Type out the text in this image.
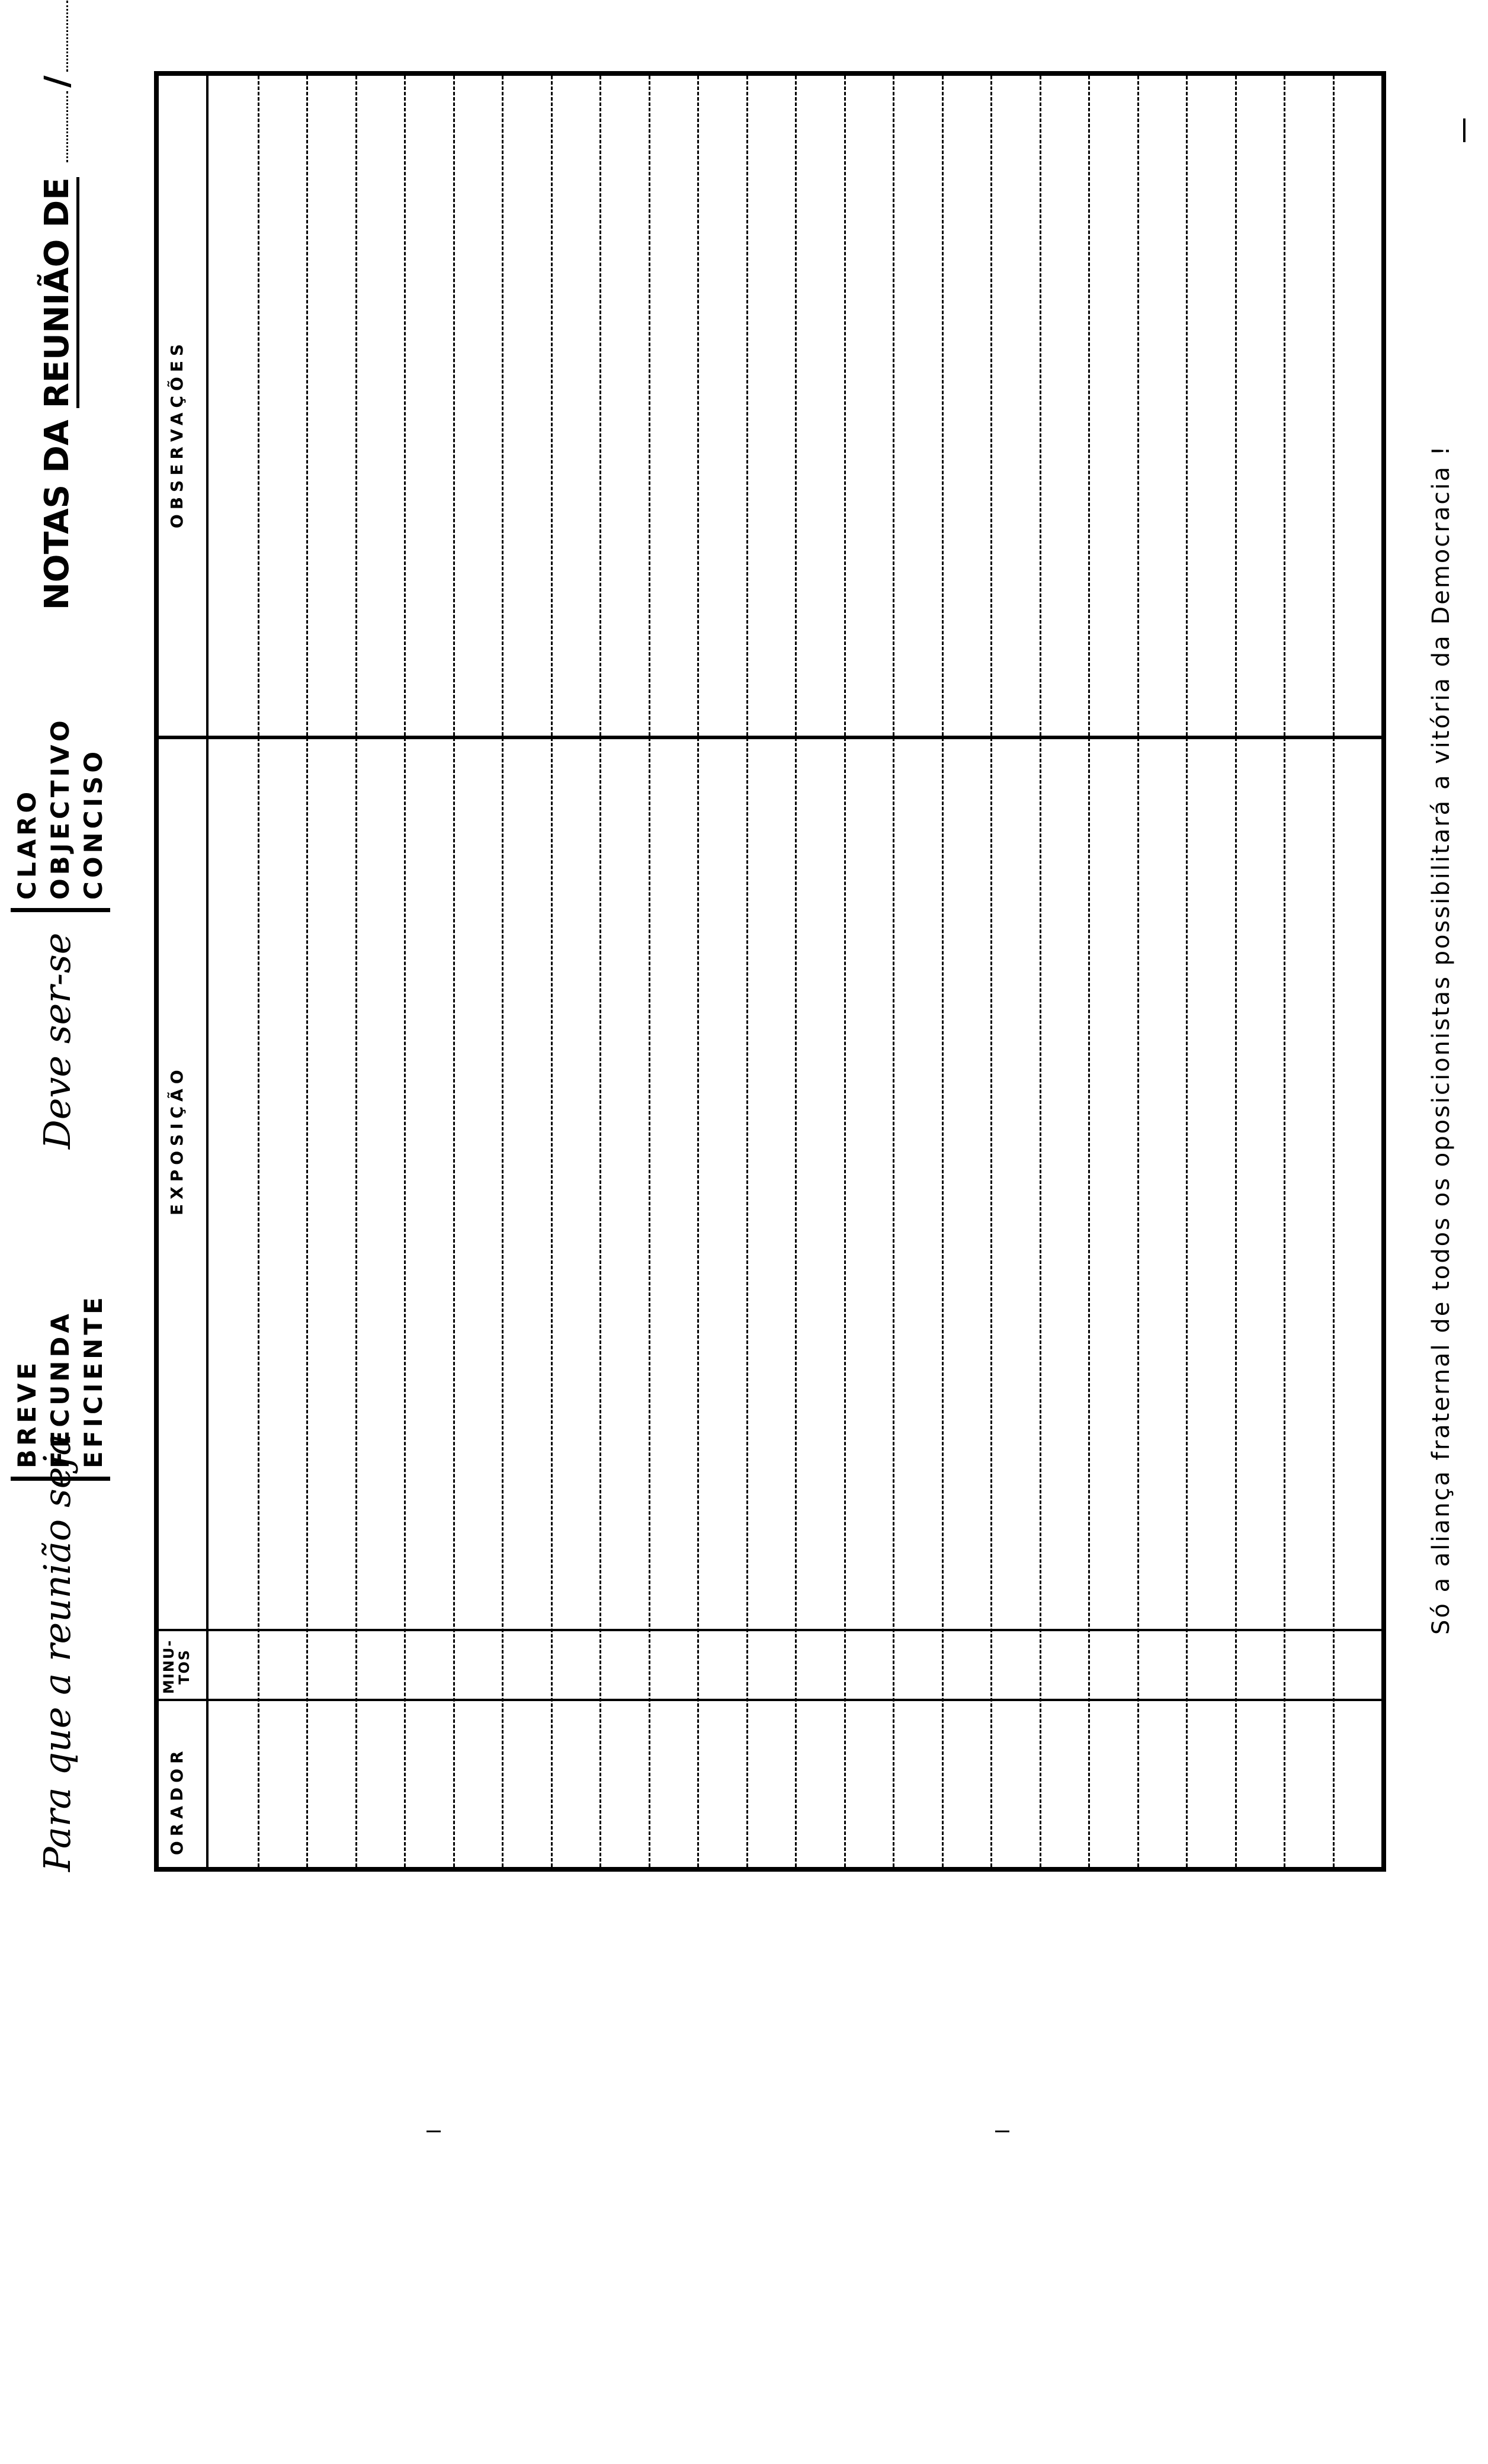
Para que a reunião seja
BREVE FECUNDA EFICIENTE
Deve ser-se
CLARO OBJECTIVO CONCISO
NOTAS DA REUNIÃO DE /
ORADOR
MINU-
TOS
EXPOSIÇÃO
OBSERVAÇÕES
Só a aliança fraternal de todos os oposicionistas possibilitará a vitória da Democracia !
